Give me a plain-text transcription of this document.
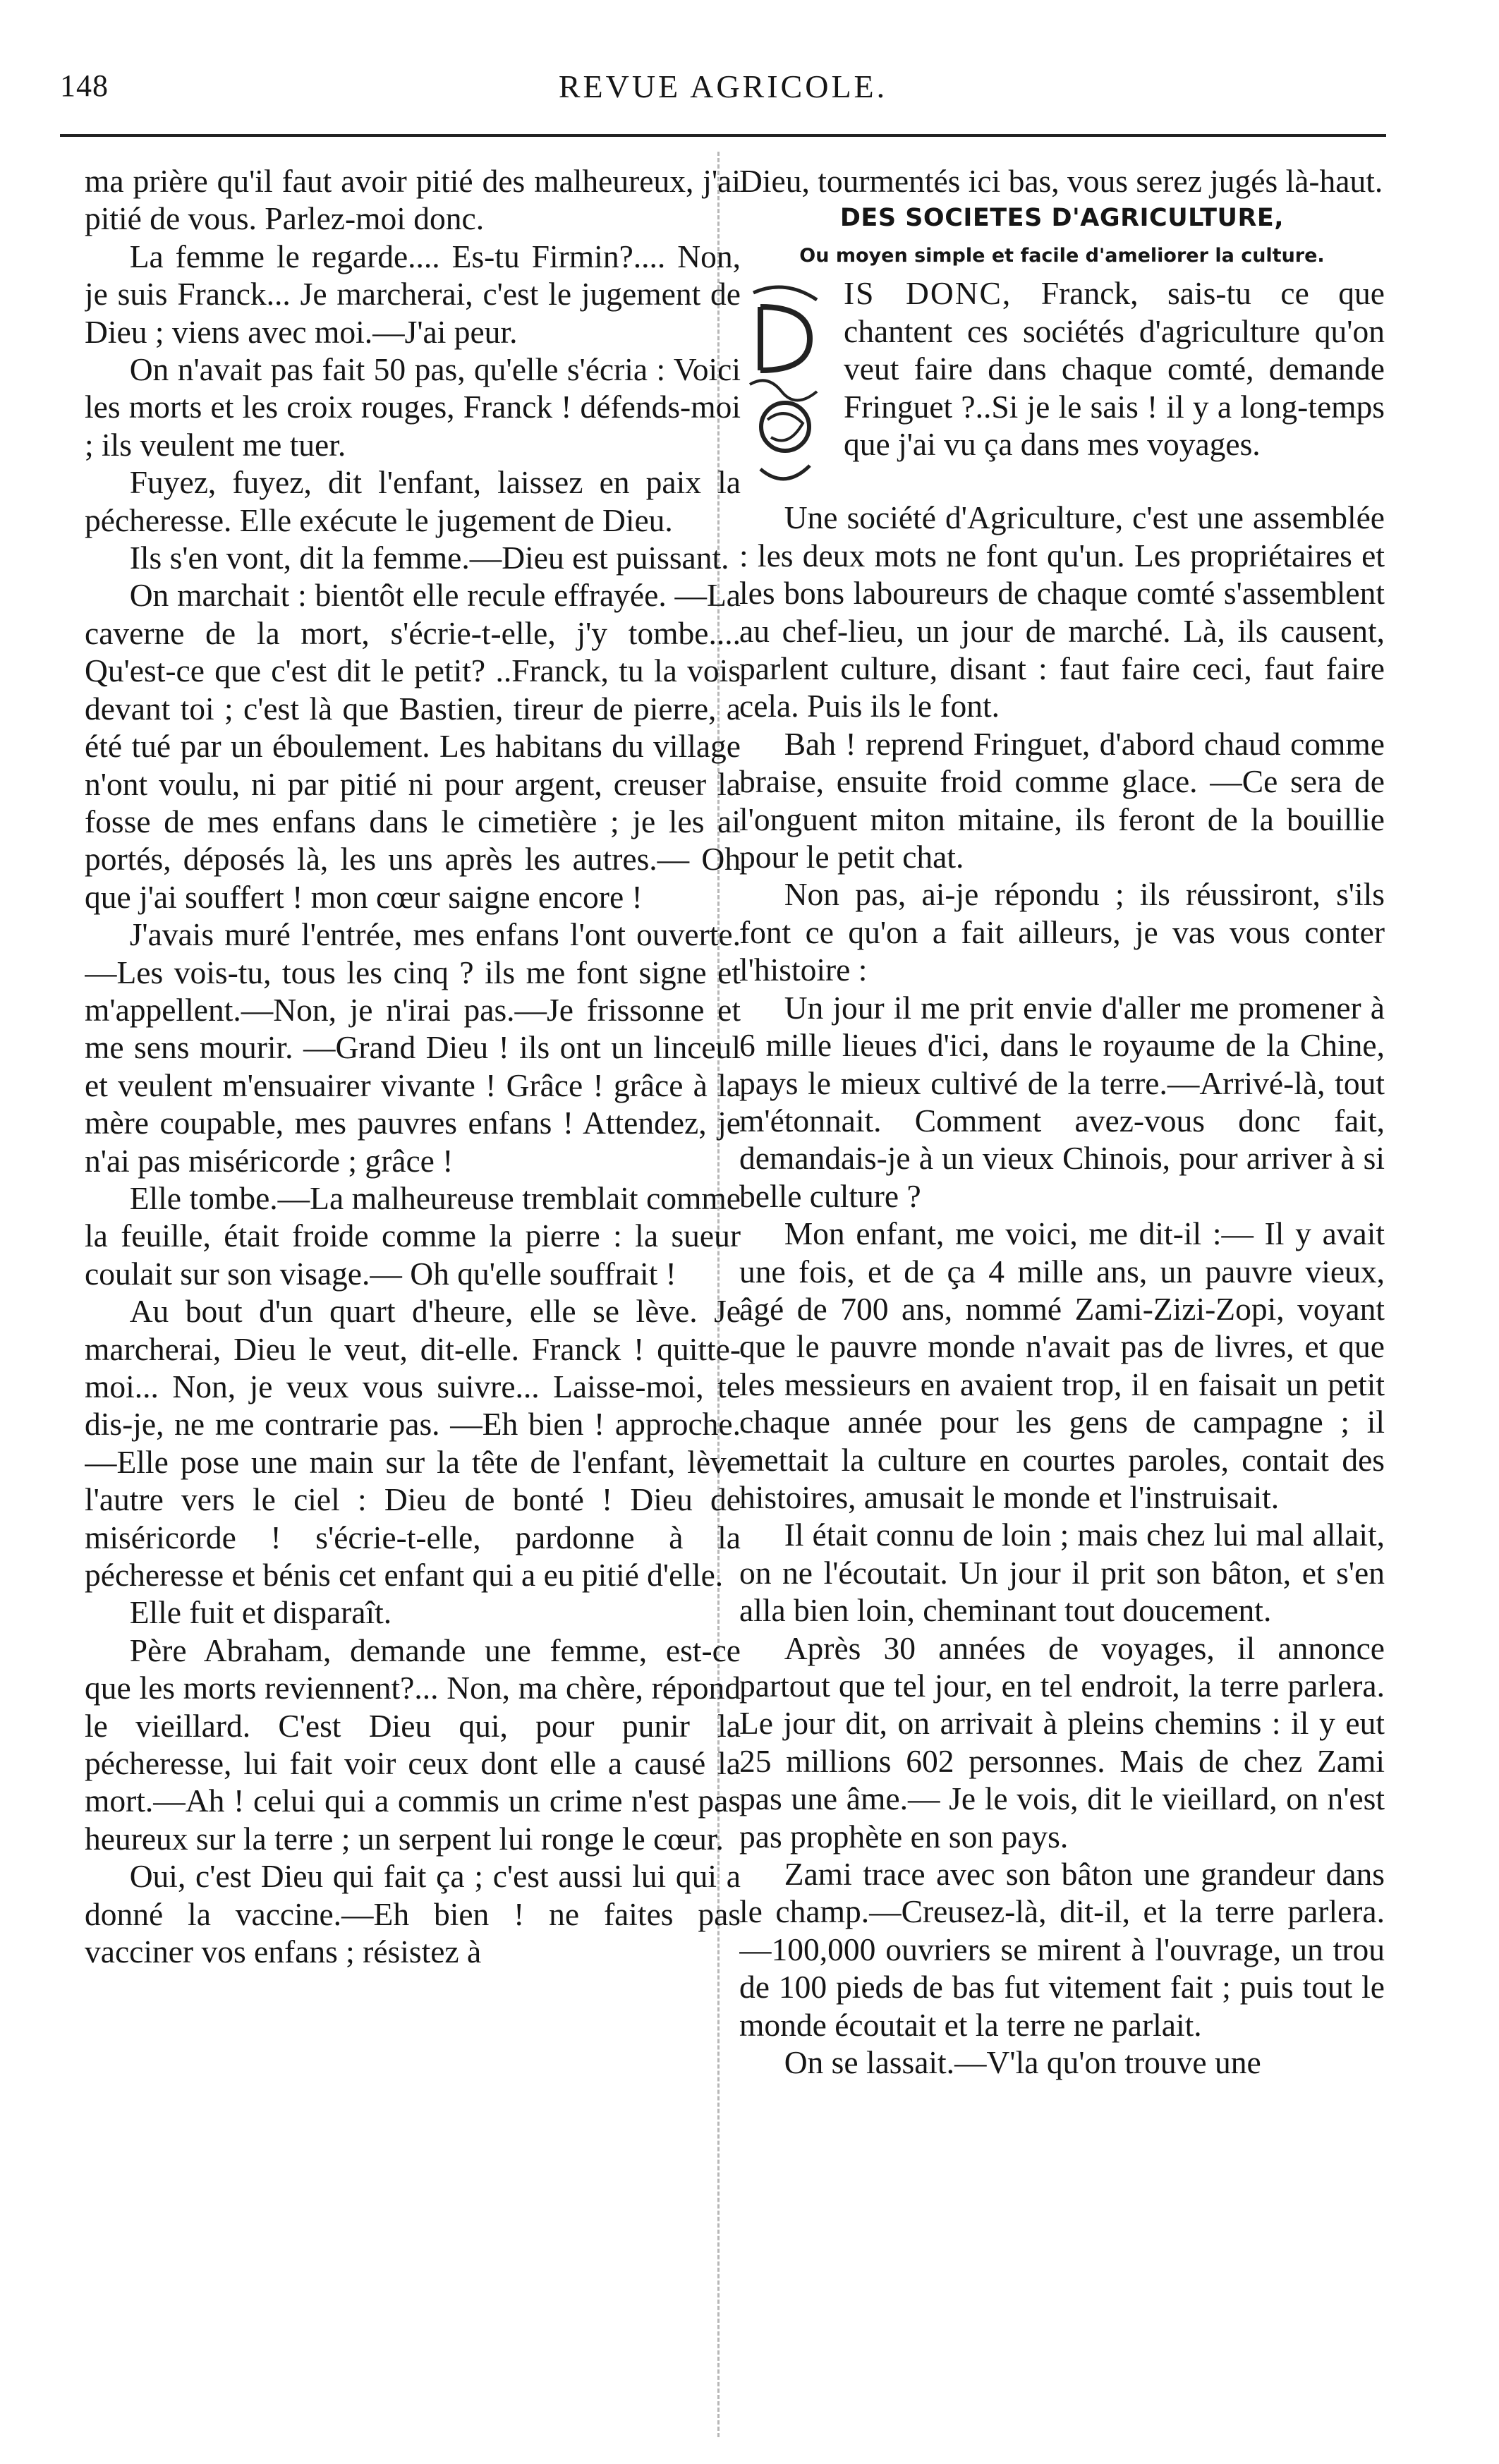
148	REVUE AGRICOLE.

ma prière qu'il faut avoir pitié des malheureux, j'ai pitié de vous. Parlez-moi donc.

La femme le regarde.... Es-tu Firmin?.... Non, je suis Franck... Je marcherai, c'est le jugement de Dieu ; viens avec moi.—J'ai peur.

On n'avait pas fait 50 pas, qu'elle s'écria : Voici les morts et les croix rouges, Franck ! défends-moi ; ils veulent me tuer.

Fuyez, fuyez, dit l'enfant, laissez en paix la pécheresse. Elle exécute le jugement de Dieu.

Ils s'en vont, dit la femme.—Dieu est puissant.

On marchait : bientôt elle recule effrayée. —La caverne de la mort, s'écrie-t-elle, j'y tombe.... Qu'est-ce que c'est dit le petit? ..Franck, tu la vois devant toi ; c'est là que Bastien, tireur de pierre, a été tué par un éboulement. Les habitans du village n'ont voulu, ni par pitié ni pour argent, creuser la fosse de mes enfans dans le cimetière ; je les ai portés, déposés là, les uns après les autres.— Oh que j'ai souffert ! mon cœur saigne encore !

J'avais muré l'entrée, mes enfans l'ont ouverte.—Les vois-tu, tous les cinq ? ils me font signe et m'appellent.—Non, je n'irai pas.—Je frissonne et me sens mourir. —Grand Dieu ! ils ont un linceul et veulent m'ensuairer vivante ! Grâce ! grâce à la mère coupable, mes pauvres enfans ! Attendez, je n'ai pas miséricorde ; grâce !

Elle tombe.—La malheureuse tremblait comme la feuille, était froide comme la pierre : la sueur coulait sur son visage.— Oh qu'elle souffrait !

Au bout d'un quart d'heure, elle se lève. Je marcherai, Dieu le veut, dit-elle. Franck ! quitte-moi... Non, je veux vous suivre... Laisse-moi, te dis-je, ne me contrarie pas. —Eh bien ! approche.—Elle pose une main sur la tête de l'enfant, lève l'autre vers le ciel : Dieu de bonté ! Dieu de miséricorde ! s'écrie-t-elle, pardonne à la pécheresse et bénis cet enfant qui a eu pitié d'elle.

Elle fuit et disparaît.

Père Abraham, demande une femme, est-ce que les morts reviennent?... Non, ma chère, répond le vieillard. C'est Dieu qui, pour punir la pécheresse, lui fait voir ceux dont elle a causé la mort.—Ah ! celui qui a commis un crime n'est pas heureux sur la terre ; un serpent lui ronge le cœur.

Oui, c'est Dieu qui fait ça ; c'est aussi lui qui a donné la vaccine.—Eh bien ! ne faites pas vacciner vos enfans ; résistez à

Dieu, tourmentés ici bas, vous serez jugés là-haut.

DES SOCIETES D'AGRICULTURE,
Ou moyen simple et facile d'ameliorer la culture.

IS DONC, Franck, sais-tu ce que chantent ces sociétés d'agriculture qu'on veut faire dans chaque comté, demande Fringuet ?..Si je le sais ! il y a long-temps que j'ai vu ça dans mes voyages.

Une société d'Agriculture, c'est une assemblée : les deux mots ne font qu'un. Les propriétaires et les bons laboureurs de chaque comté s'assemblent au chef-lieu, un jour de marché. Là, ils causent, parlent culture, disant : faut faire ceci, faut faire cela. Puis ils le font.

Bah ! reprend Fringuet, d'abord chaud comme braise, ensuite froid comme glace. —Ce sera de l'onguent miton mitaine, ils feront de la bouillie pour le petit chat.

Non pas, ai-je répondu ; ils réussiront, s'ils font ce qu'on a fait ailleurs, je vas vous conter l'histoire :

Un jour il me prit envie d'aller me promener à 6 mille lieues d'ici, dans le royaume de la Chine, pays le mieux cultivé de la terre.—Arrivé-là, tout m'étonnait. Comment avez-vous donc fait, demandais-je à un vieux Chinois, pour arriver à si belle culture ?

Mon enfant, me voici, me dit-il :— Il y avait une fois, et de ça 4 mille ans, un pauvre vieux, âgé de 700 ans, nommé Zami-Zizi-Zopi, voyant que le pauvre monde n'avait pas de livres, et que les messieurs en avaient trop, il en faisait un petit chaque année pour les gens de campagne ; il mettait la culture en courtes paroles, contait des histoires, amusait le monde et l'instruisait.

Il était connu de loin ; mais chez lui mal allait, on ne l'écoutait. Un jour il prit son bâton, et s'en alla bien loin, cheminant tout doucement.

Après 30 années de voyages, il annonce partout que tel jour, en tel endroit, la terre parlera. Le jour dit, on arrivait à pleins chemins : il y eut 25 millions 602 personnes. Mais de chez Zami pas une âme.— Je le vois, dit le vieillard, on n'est pas prophète en son pays.

Zami trace avec son bâton une grandeur dans le champ.—Creusez-là, dit-il, et la terre parlera.—100,000 ouvriers se mirent à l'ouvrage, un trou de 100 pieds de bas fut vitement fait ; puis tout le monde écoutait et la terre ne parlait.

On se lassait.—V'la qu'on trouve une
